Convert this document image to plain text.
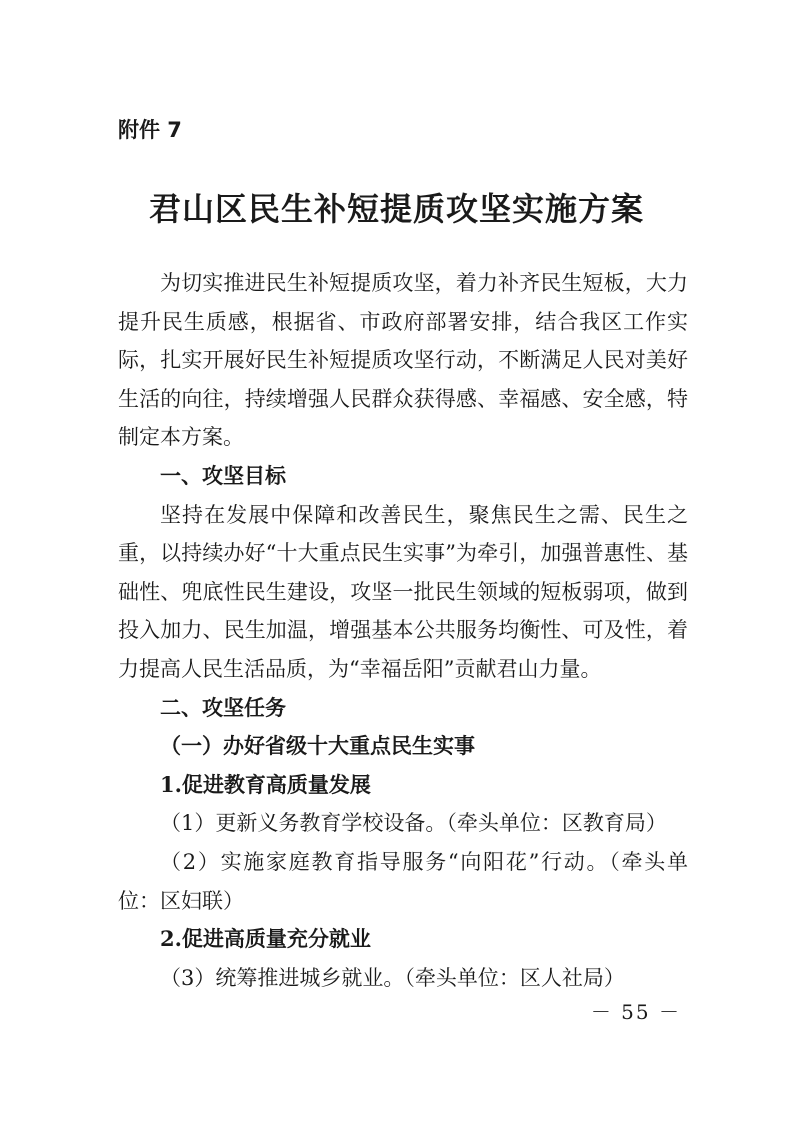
附件 7
君山区民生补短提质攻坚实施方案

为切实推进民生补短提质攻坚，着力补齐民生短板，大力提升民生质感，根据省、市政府部署安排，结合我区工作实际，扎实开展好民生补短提质攻坚行动，不断满足人民对美好生活的向往，持续增强人民群众获得感、幸福感、安全感，特制定本方案。

一、攻坚目标

坚持在发展中保障和改善民生，聚焦民生之需、民生之重，以持续办好“十大重点民生实事”为牵引，加强普惠性、基础性、兜底性民生建设，攻坚一批民生领域的短板弱项，做到投入加力、民生加温，增强基本公共服务均衡性、可及性，着力提高人民生活品质，为“幸福岳阳”贡献君山力量。

二、攻坚任务

（一）办好省级十大重点民生实事

1.促进教育高质量发展

（1）更新义务教育学校设备。（牵头单位：区教育局）

（2）实施家庭教育指导服务“向阳花”行动。（牵头单位：区妇联）

2.促进高质量充分就业

（3）统筹推进城乡就业。（牵头单位：区人社局）

－ 55 －
